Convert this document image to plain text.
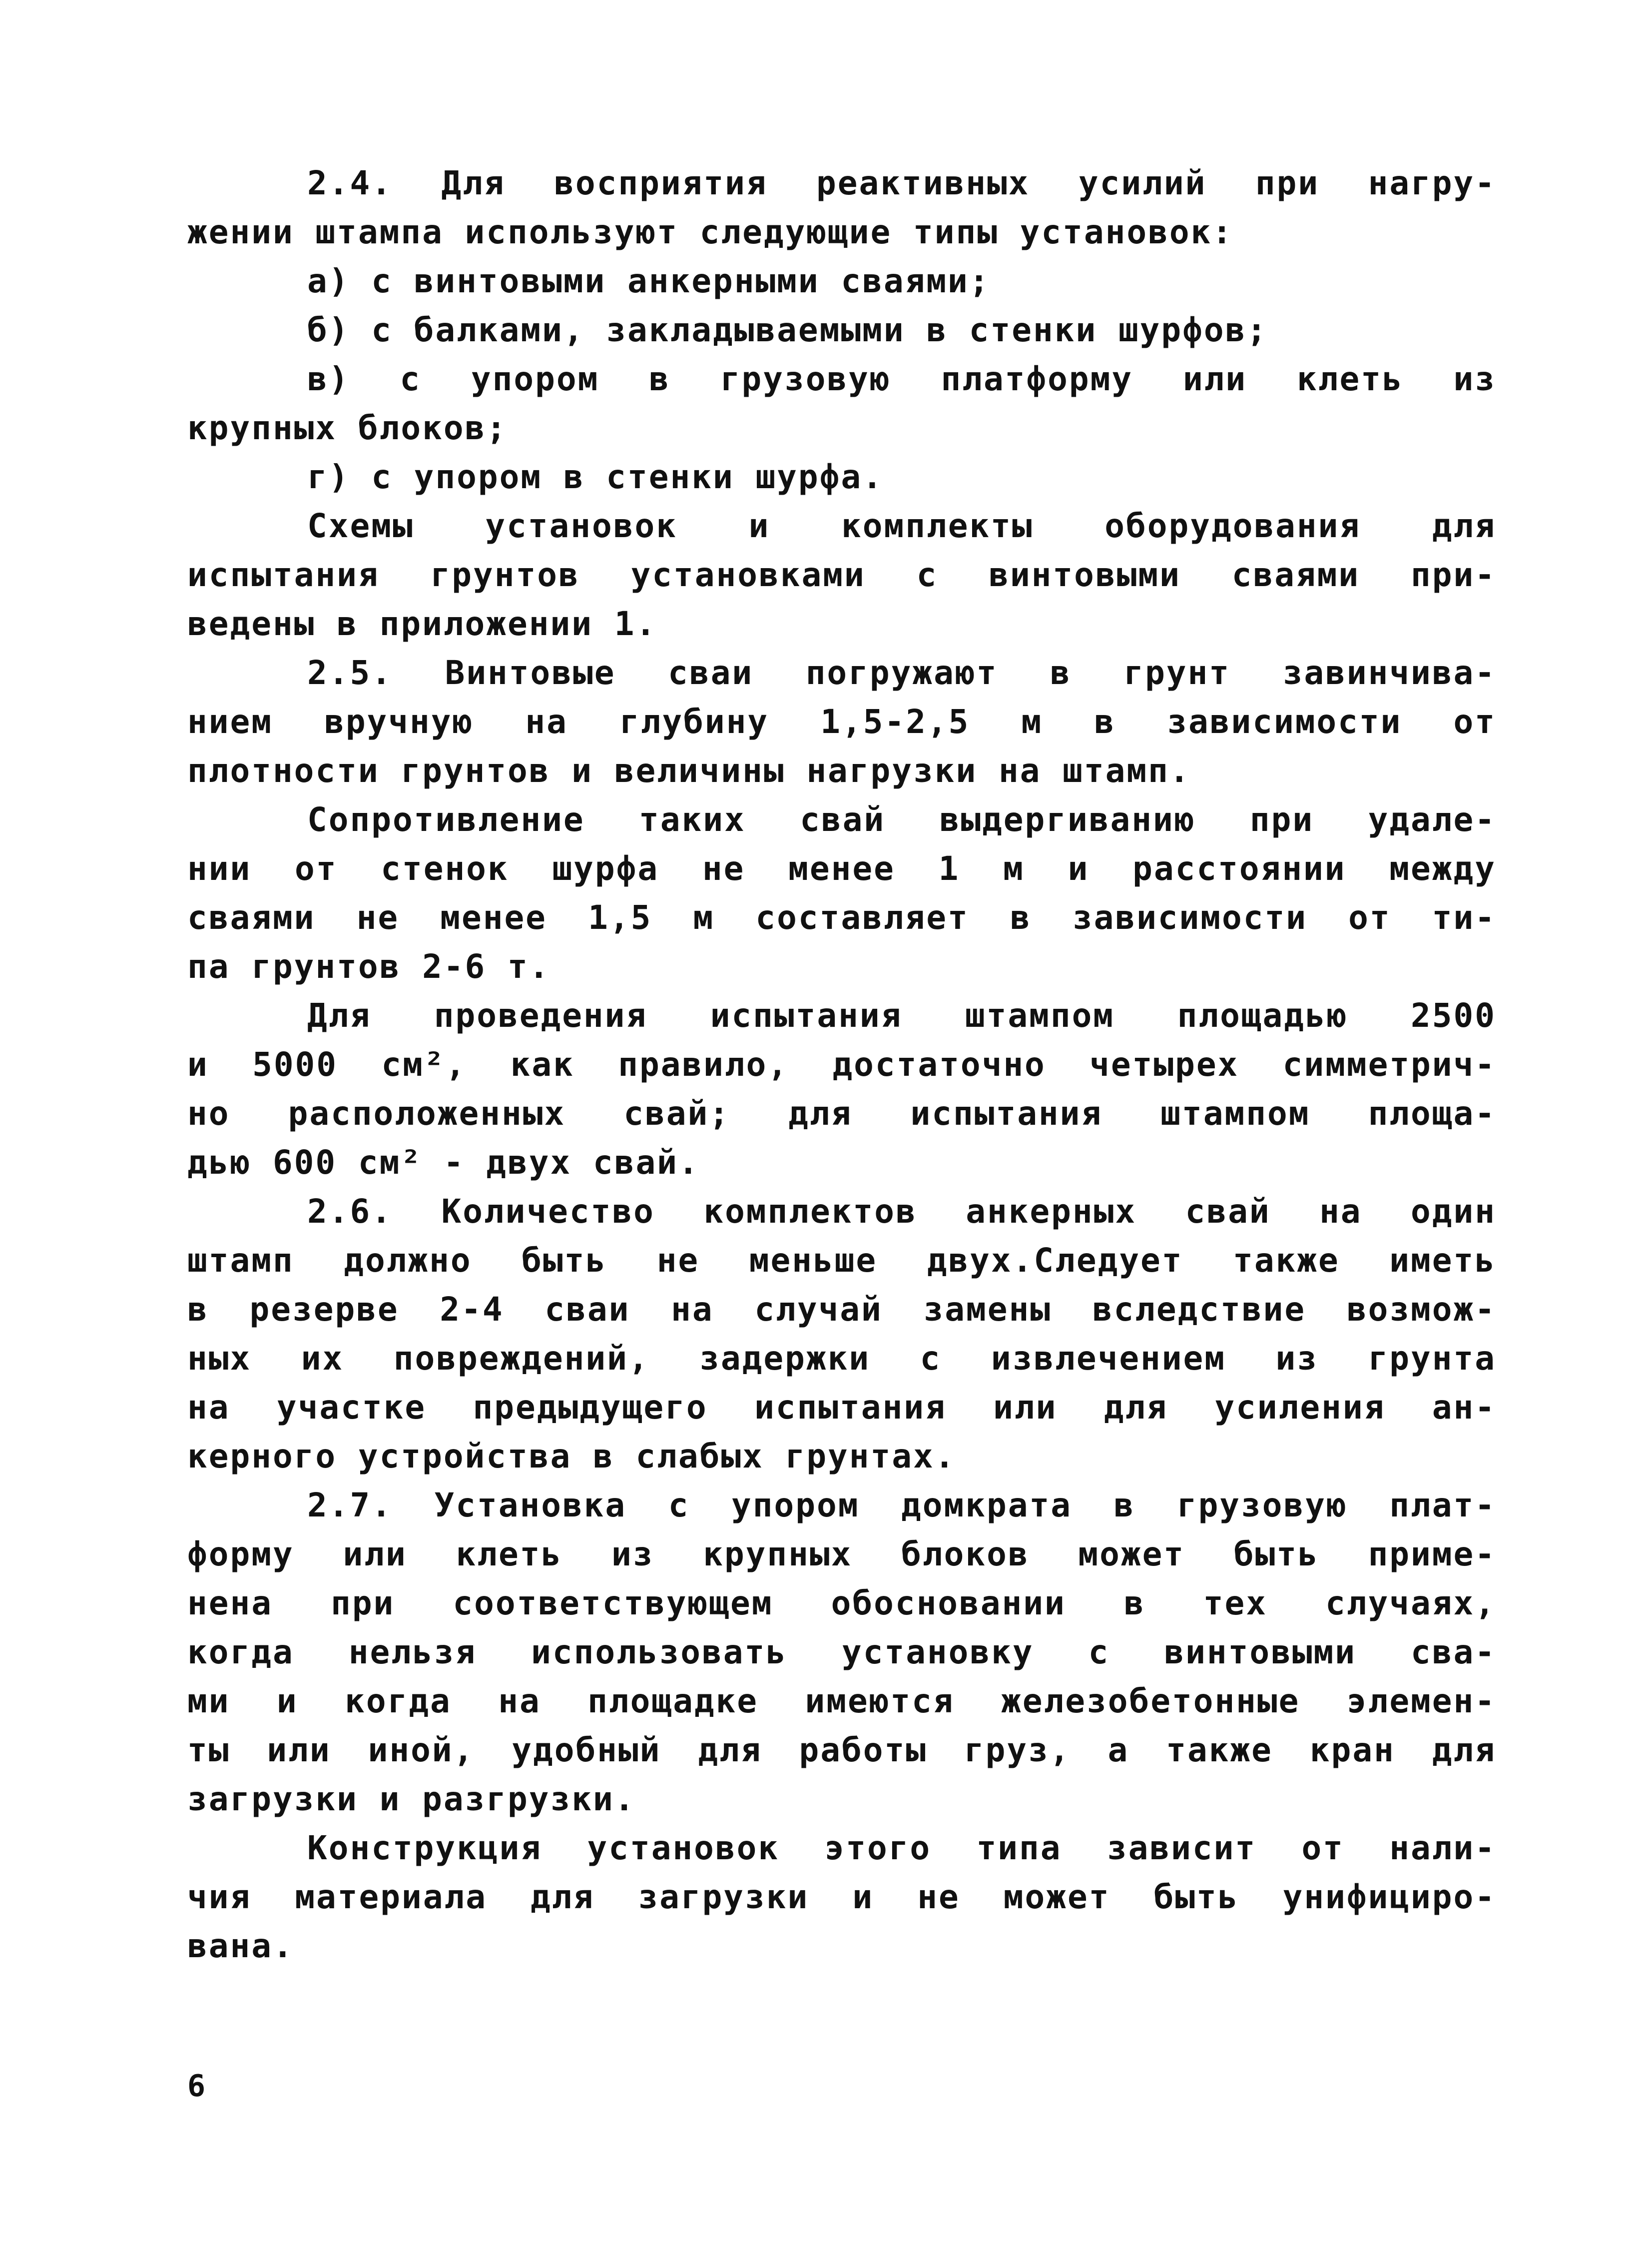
2.4. Для восприятия реактивных усилий при нагру-
жении штампа используют следующие типы установок:
а) с винтовыми анкерными сваями;
б) с балками, закладываемыми в стенки шурфов;
в) с упором в грузовую платформу или клеть из
крупных блоков;
г) с упором в стенки шурфа.
Схемы установок и комплекты оборудования для
испытания грунтов установками с винтовыми сваями при-
ведены в приложении 1.
2.5. Винтовые сваи погружают в грунт завинчива-
нием вручную на глубину 1,5-2,5 м в зависимости от
плотности грунтов и величины нагрузки на штамп.
Сопротивление таких свай выдергиванию при удале-
нии от стенок шурфа не менее 1 м и расстоянии между
сваями не менее 1,5 м составляет в зависимости от ти-
па грунтов 2-6 т.
Для проведения испытания штампом площадью 2500
и 5000 см², как правило, достаточно четырех симметрич-
но расположенных свай; для испытания штампом площа-
дью 600 см² - двух свай.
2.6. Количество комплектов анкерных свай на один
штамп должно быть не меньше двух.Следует также иметь
в резерве 2-4 сваи на случай замены вследствие возмож-
ных их повреждений, задержки с извлечением из грунта
на участке предыдущего испытания или для усиления ан-
керного устройства в слабых грунтах.
2.7. Установка с упором домкрата в грузовую плат-
форму или клеть из крупных блоков может быть приме-
нена при соответствующем обосновании в тех случаях,
когда нельзя использовать установку с винтовыми сва-
ми и когда на площадке имеются железобетонные элемен-
ты или иной, удобный для работы груз, а также кран для
загрузки и разгрузки.
Конструкция установок этого типа зависит от нали-
чия материала для загрузки и не может быть унифициро-
вана.
6
